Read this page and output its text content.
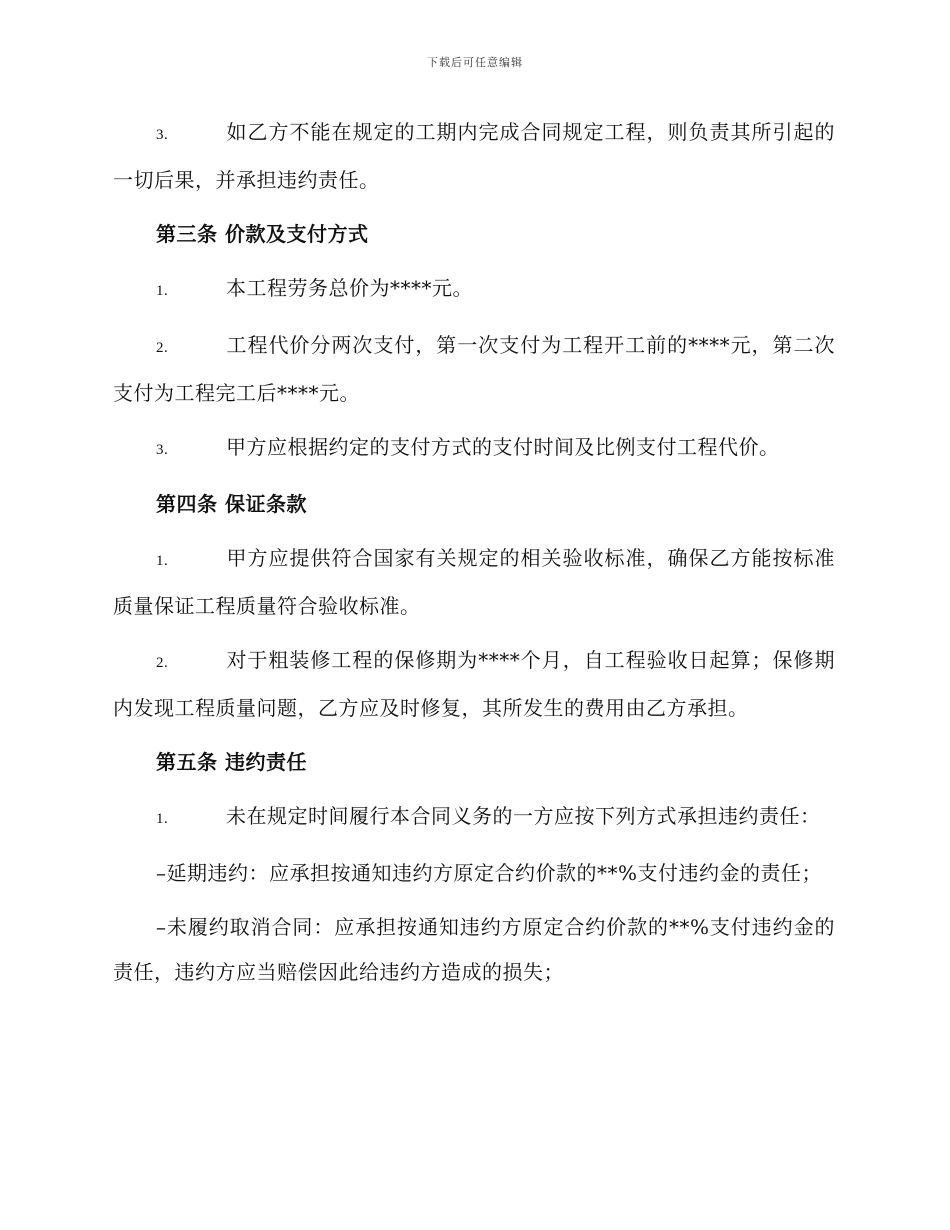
下载后可任意编辑

3.	如乙方不能在规定的工期内完成合同规定工程，则负责其所引起的一切后果，并承担违约责任。

第三条 价款及支付方式

1.	本工程劳务总价为****元。

2.	工程代价分两次支付，第一次支付为工程开工前的****元，第二次支付为工程完工后****元。

3.	甲方应根据约定的支付方式的支付时间及比例支付工程代价。

第四条 保证条款

1.	甲方应提供符合国家有关规定的相关验收标准，确保乙方能按标准质量保证工程质量符合验收标准。

2.	对于粗装修工程的保修期为****个月，自工程验收日起算；保修期内发现工程质量问题，乙方应及时修复，其所发生的费用由乙方承担。

第五条 违约责任

1.	未在规定时间履行本合同义务的一方应按下列方式承担违约责任：

–延期违约：应承担按通知违约方原定合约价款的**%支付违约金的责任；

–未履约取消合同：应承担按通知违约方原定合约价款的**%支付违约金的责任，违约方应当赔偿因此给违约方造成的损失；
